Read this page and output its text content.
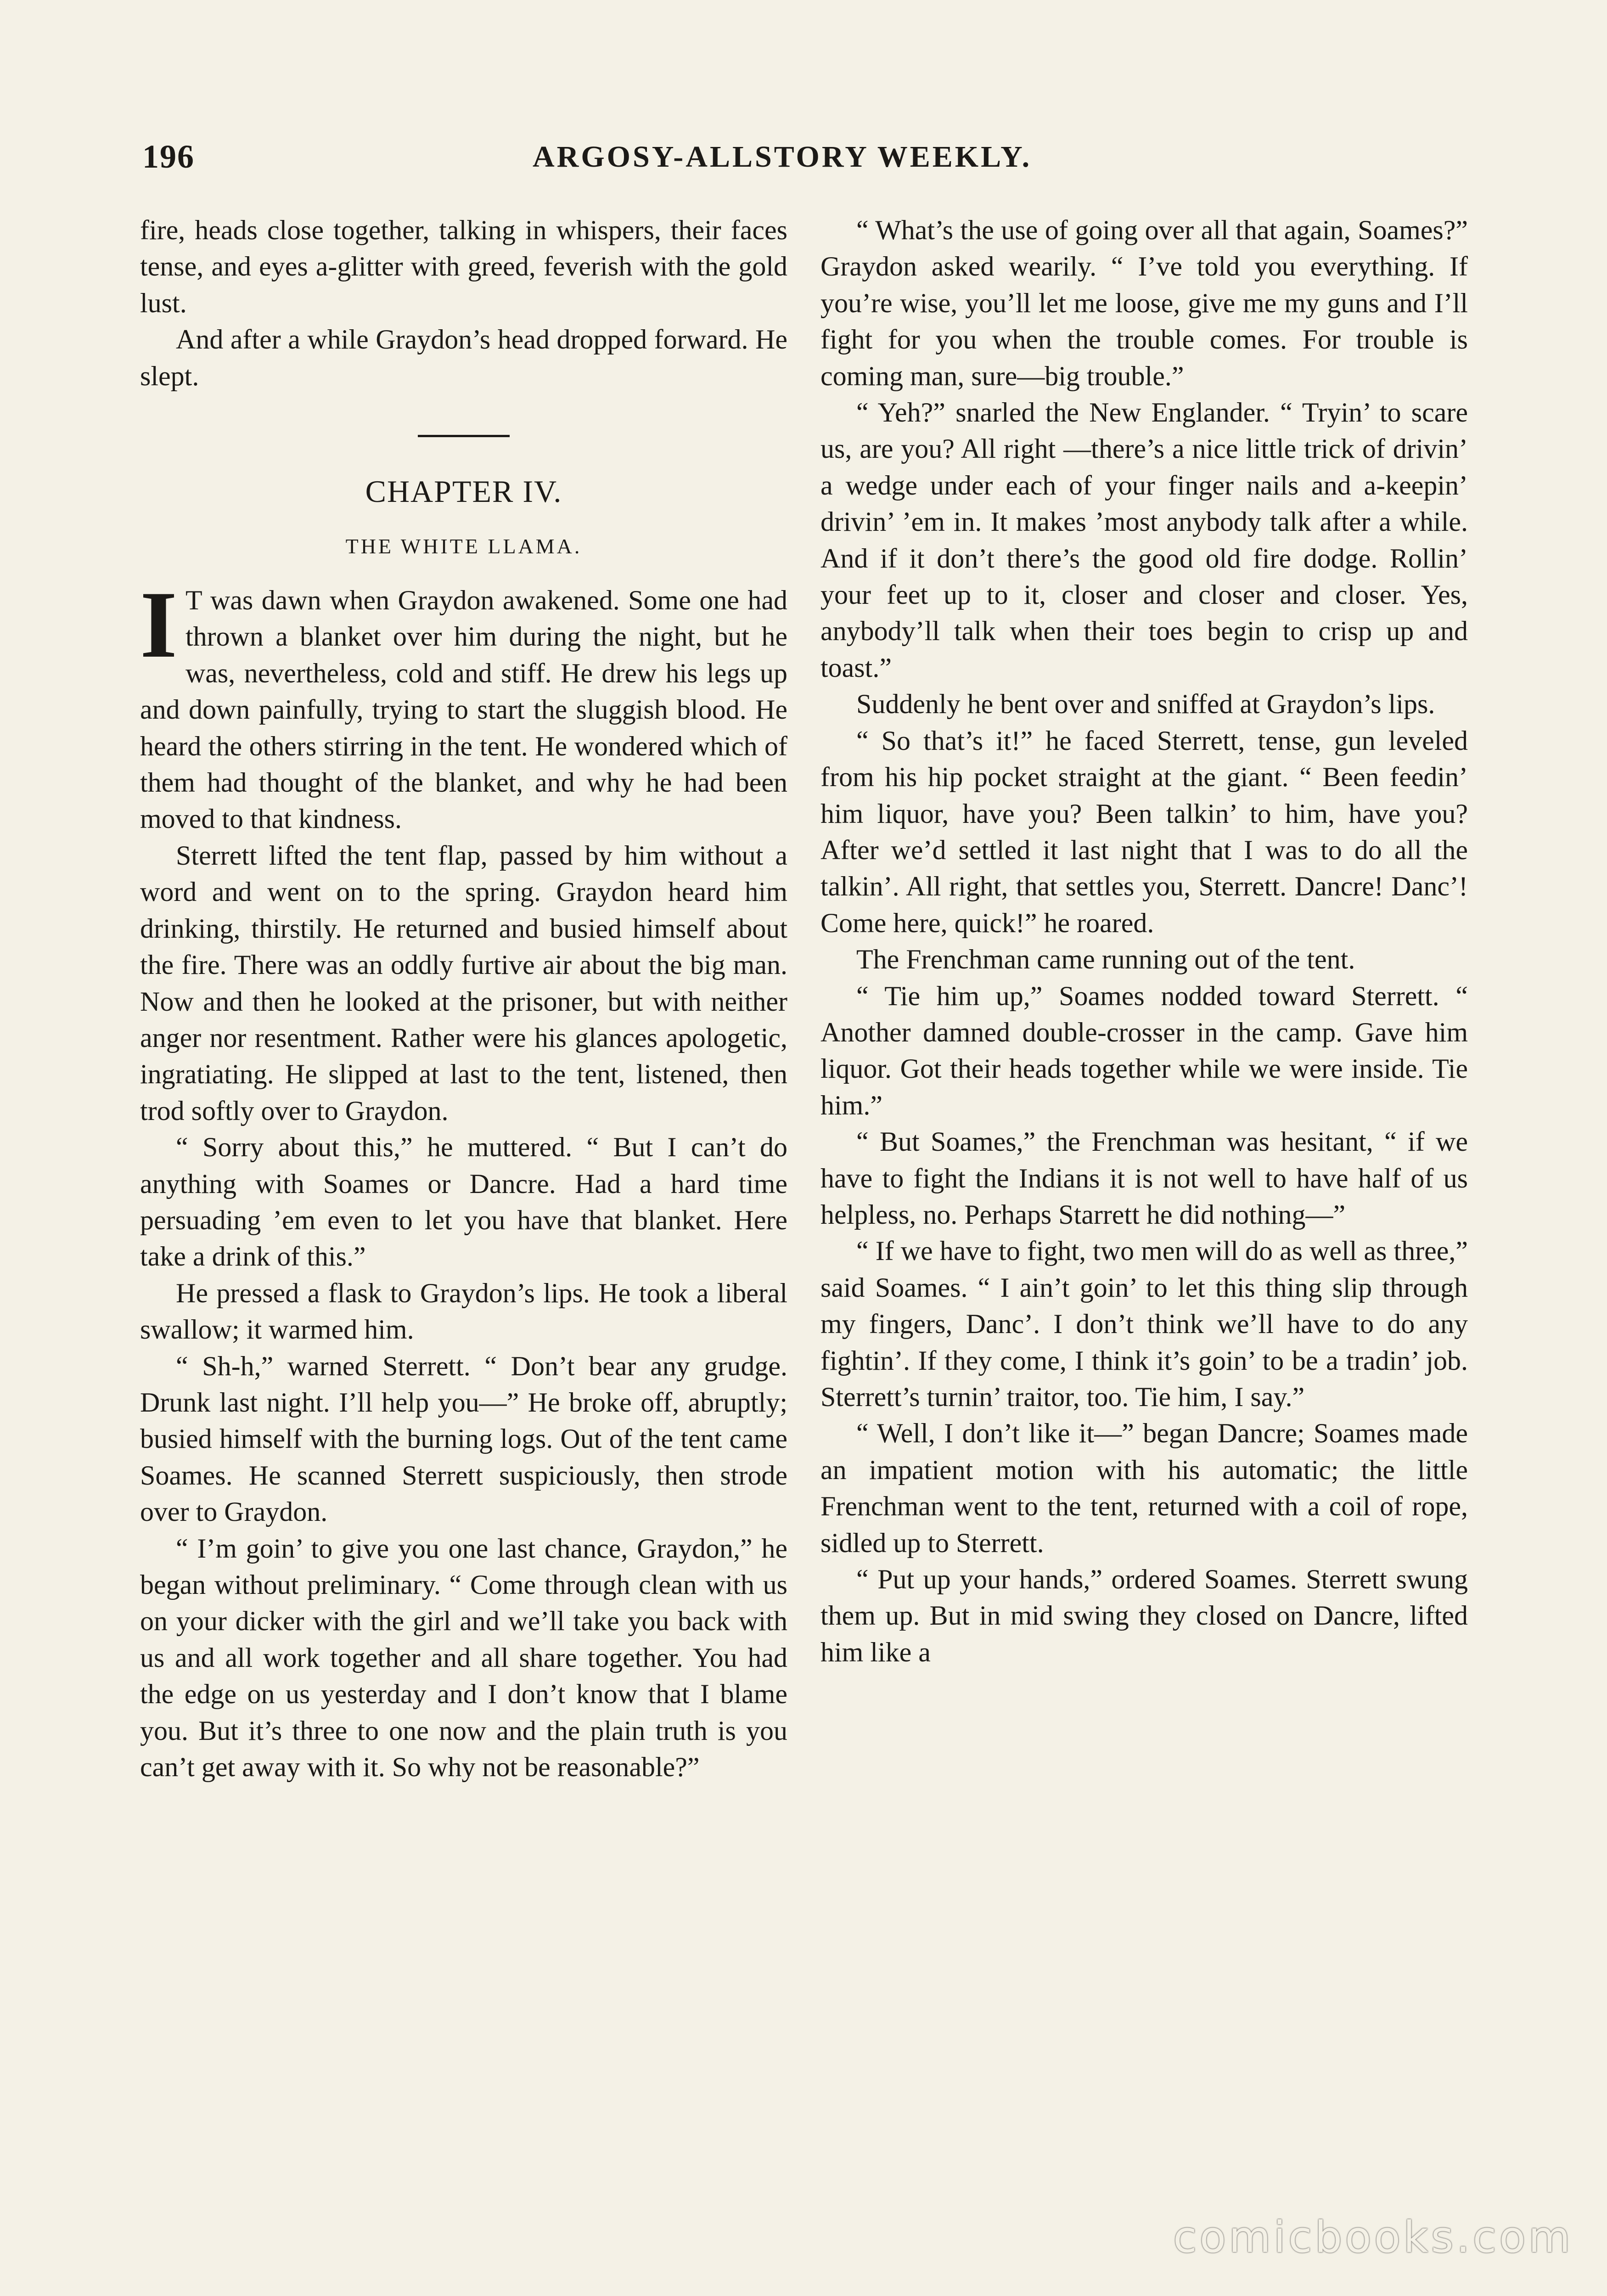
196	ARGOSY-ALLSTORY WEEKLY.

fire, heads close together, talking in whispers, their faces tense, and eyes a-glitter with greed, feverish with the gold lust.

And after a while Graydon’s head dropped forward. He slept.

CHAPTER IV.
THE WHITE LLAMA.

I T was dawn when Graydon awakened. Some one had thrown a blanket over him during the night, but he was, nevertheless, cold and stiff. He drew his legs up and down painfully, trying to start the sluggish blood. He heard the others stirring in the tent. He wondered which of them had thought of the blanket, and why he had been moved to that kindness.

Sterrett lifted the tent flap, passed by him without a word and went on to the spring. Graydon heard him drinking, thirstily. He returned and busied himself about the fire. There was an oddly furtive air about the big man. Now and then he looked at the prisoner, but with neither anger nor resentment. Rather were his glances apologetic, ingratiating. He slipped at last to the tent, listened, then trod softly over to Graydon.

“ Sorry about this,” he muttered. “ But I can’t do anything with Soames or Dancre. Had a hard time persuading ’em even to let you have that blanket. Here take a drink of this.”

He pressed a flask to Graydon’s lips. He took a liberal swallow; it warmed him.

“ Sh-h,” warned Sterrett. “ Don’t bear any grudge. Drunk last night. I’ll help you—” He broke off, abruptly; busied himself with the burning logs. Out of the tent came Soames. He scanned Sterrett suspiciously, then strode over to Graydon.

“ I’m goin’ to give you one last chance, Graydon,” he began without preliminary. “ Come through clean with us on your dicker with the girl and we’ll take you back with us and all work together and all share together. You had the edge on us yesterday and I don’t know that I blame you. But it’s three to one now and the plain truth is you can’t get away with it. So why not be reasonable?”

“ What’s the use of going over all that again, Soames?” Graydon asked wearily. “ I’ve told you everything. If you’re wise, you’ll let me loose, give me my guns and I’ll fight for you when the trouble comes. For trouble is coming man, sure—big trouble.”

“ Yeh?” snarled the New Englander. “ Tryin’ to scare us, are you? All right —there’s a nice little trick of drivin’ a wedge under each of your finger nails and a-keepin’ drivin’ ’em in. It makes ’most anybody talk after a while. And if it don’t there’s the good old fire dodge. Rollin’ your feet up to it, closer and closer and closer. Yes, anybody’ll talk when their toes begin to crisp up and toast.”

Suddenly he bent over and sniffed at Graydon’s lips.

“ So that’s it!” he faced Sterrett, tense, gun leveled from his hip pocket straight at the giant. “ Been feedin’ him liquor, have you? Been talkin’ to him, have you? After we’d settled it last night that I was to do all the talkin’. All right, that settles you, Sterrett. Dancre! Danc’! Come here, quick!” he roared.

The Frenchman came running out of the tent.

“ Tie him up,” Soames nodded toward Sterrett. “ Another damned double-crosser in the camp. Gave him liquor. Got their heads together while we were inside. Tie him.”

“ But Soames,” the Frenchman was hesitant, “ if we have to fight the Indians it is not well to have half of us helpless, no. Perhaps Starrett he did nothing—”

“ If we have to fight, two men will do as well as three,” said Soames. “ I ain’t goin’ to let this thing slip through my fingers, Danc’. I don’t think we’ll have to do any fightin’. If they come, I think it’s goin’ to be a tradin’ job. Sterrett’s turnin’ traitor, too. Tie him, I say.”

“ Well, I don’t like it—” began Dancre; Soames made an impatient motion with his automatic; the little Frenchman went to the tent, returned with a coil of rope, sidled up to Sterrett.

“ Put up your hands,” ordered Soames. Sterrett swung them up. But in mid swing they closed on Dancre, lifted him like a

comicbooks.com
